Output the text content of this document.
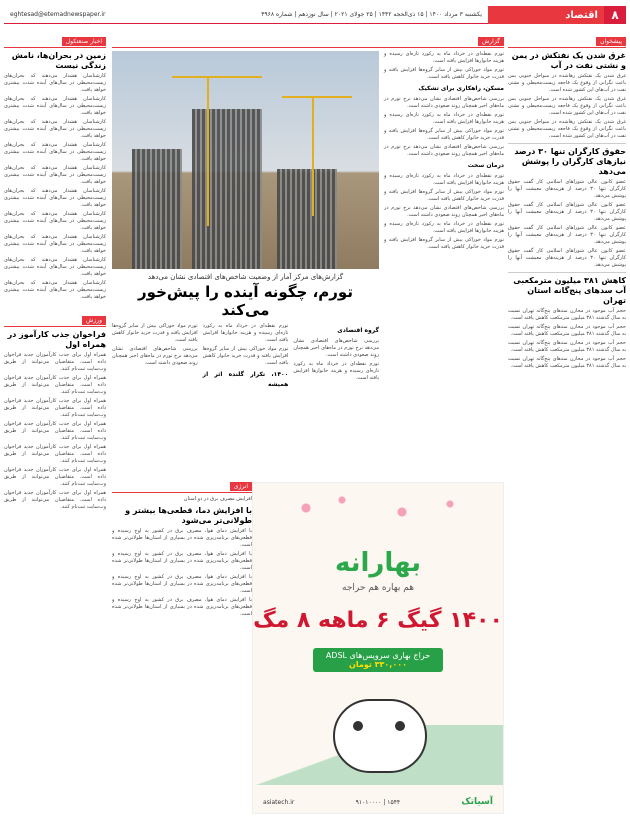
۸
اقتصاد
یکشنبه ۳ مرداد ۱۴۰۰ | ۱۵ ذی‌الحجه ۱۴۴۲ | ۲۵ جولای ۲۰۲۱ | سال نوزدهم | شماره ۴۹۶۸
eghtesad@etemadnewspaper.ir
پیشخوان
غرق شدن یک نفتکش در یمن و نشتی نفت در آب

غرق شدن یک نفتکش رهاشده در سواحل جنوبی یمن باعث نگرانی از وقوع یک فاجعه زیست‌محیطی و نشتی نفت در آب‌های این کشور شده است.

غرق شدن یک نفتکش رهاشده در سواحل جنوبی یمن باعث نگرانی از وقوع یک فاجعه زیست‌محیطی و نشتی نفت در آب‌های این کشور شده است.

غرق شدن یک نفتکش رهاشده در سواحل جنوبی یمن باعث نگرانی از وقوع یک فاجعه زیست‌محیطی و نشتی نفت در آب‌های این کشور شده است.

حقوق کارگران تنها ۳۰ درصد نیازهای کارگران را پوشش می‌دهد

عضو کانون عالی شوراهای اسلامی کار گفت حقوق کارگران تنها ۳۰ درصد از هزینه‌های معیشت آنها را پوشش می‌دهد.

عضو کانون عالی شوراهای اسلامی کار گفت حقوق کارگران تنها ۳۰ درصد از هزینه‌های معیشت آنها را پوشش می‌دهد.

عضو کانون عالی شوراهای اسلامی کار گفت حقوق کارگران تنها ۳۰ درصد از هزینه‌های معیشت آنها را پوشش می‌دهد.

عضو کانون عالی شوراهای اسلامی کار گفت حقوق کارگران تنها ۳۰ درصد از هزینه‌های معیشت آنها را پوشش می‌دهد.

کاهش ۳۸۱ میلیون مترمکعبی آب سدهای پنج‌گانه استان تهران

حجم آب موجود در مخازن سدهای پنج‌گانه تهران نسبت به سال گذشته ۳۸۱ میلیون مترمکعب کاهش یافته است.

حجم آب موجود در مخازن سدهای پنج‌گانه تهران نسبت به سال گذشته ۳۸۱ میلیون مترمکعب کاهش یافته است.

حجم آب موجود در مخازن سدهای پنج‌گانه تهران نسبت به سال گذشته ۳۸۱ میلیون مترمکعب کاهش یافته است.

حجم آب موجود در مخازن سدهای پنج‌گانه تهران نسبت به سال گذشته ۳۸۱ میلیون مترمکعب کاهش یافته است.

گزارش

تورم نقطه‌ای در خرداد ماه به رکورد تازه‌ای رسیده و هزینه خانوارها افزایش یافته است.

تورم مواد خوراکی بیش از سایر گروه‌ها افزایش یافته و قدرت خرید خانوار کاهش یافته است.

مسکن، راهکاری برای تشکیک

بررسی شاخص‌های اقتصادی نشان می‌دهد نرخ تورم در ماه‌های اخیر همچنان روند صعودی داشته است.

تورم نقطه‌ای در خرداد ماه به رکورد تازه‌ای رسیده و هزینه خانوارها افزایش یافته است.

تورم مواد خوراکی بیش از سایر گروه‌ها افزایش یافته و قدرت خرید خانوار کاهش یافته است.

بررسی شاخص‌های اقتصادی نشان می‌دهد نرخ تورم در ماه‌های اخیر همچنان روند صعودی داشته است.

درمان سخت

تورم نقطه‌ای در خرداد ماه به رکورد تازه‌ای رسیده و هزینه خانوارها افزایش یافته است.

تورم مواد خوراکی بیش از سایر گروه‌ها افزایش یافته و قدرت خرید خانوار کاهش یافته است.

بررسی شاخص‌های اقتصادی نشان می‌دهد نرخ تورم در ماه‌های اخیر همچنان روند صعودی داشته است.

تورم نقطه‌ای در خرداد ماه به رکورد تازه‌ای رسیده و هزینه خانوارها افزایش یافته است.

تورم مواد خوراکی بیش از سایر گروه‌ها افزایش یافته و قدرت خرید خانوار کاهش یافته است.

گزارش‌های مرکز آمار از وضعیت شاخص‌های اقتصادی نشان می‌دهد
تورم، چگونه آینده را پیش‌خور می‌کند
گروه اقتصادی

بررسی شاخص‌های اقتصادی نشان می‌دهد نرخ تورم در ماه‌های اخیر همچنان روند صعودی داشته است.

تورم نقطه‌ای در خرداد ماه به رکورد تازه‌ای رسیده و هزینه خانوارها افزایش یافته است.

تورم نقطه‌ای در خرداد ماه به رکورد تازه‌ای رسیده و هزینه خانوارها افزایش یافته است.

تورم مواد خوراکی بیش از سایر گروه‌ها افزایش یافته و قدرت خرید خانوار کاهش یافته است.

۱۴۰۰، تکرار گلنده اثر از همیشه

تورم مواد خوراکی بیش از سایر گروه‌ها افزایش یافته و قدرت خرید خانوار کاهش یافته است.

بررسی شاخص‌های اقتصادی نشان می‌دهد نرخ تورم در ماه‌های اخیر همچنان روند صعودی داشته است.

انرژی
افزایش مصرف برق در دو استان
با افزایش دما، قطعی‌ها بیشتر و طولانی‌تر می‌شود

با افزایش دمای هوا، مصرف برق در کشور به اوج رسیده و قطعی‌های برنامه‌ریزی شده در بسیاری از استان‌ها طولانی‌تر شده است.

با افزایش دمای هوا، مصرف برق در کشور به اوج رسیده و قطعی‌های برنامه‌ریزی شده در بسیاری از استان‌ها طولانی‌تر شده است.

با افزایش دمای هوا، مصرف برق در کشور به اوج رسیده و قطعی‌های برنامه‌ریزی شده در بسیاری از استان‌ها طولانی‌تر شده است.

با افزایش دمای هوا، مصرف برق در کشور به اوج رسیده و قطعی‌های برنامه‌ریزی شده در بسیاری از استان‌ها طولانی‌تر شده است.

بهارانه
هم بهاره هم حراجه
۱۴۰۰ گیگ ۶ ماهه ۸ مگ
حراج بهاری سرویس‌های ADSL ۳۳۰,۰۰۰ تومان
آسیاتک
۱۵۴۴ | ۹۱۰۱۰۰۰۰
asiatech.ir
اخبار صنعتکول
زمین در بحران‌ها، نامش زندگی نیست

کارشناسان هشدار می‌دهند که بحران‌های زیست‌محیطی در سال‌های آینده شدت بیشتری خواهد یافت.

کارشناسان هشدار می‌دهند که بحران‌های زیست‌محیطی در سال‌های آینده شدت بیشتری خواهد یافت.

کارشناسان هشدار می‌دهند که بحران‌های زیست‌محیطی در سال‌های آینده شدت بیشتری خواهد یافت.

کارشناسان هشدار می‌دهند که بحران‌های زیست‌محیطی در سال‌های آینده شدت بیشتری خواهد یافت.

کارشناسان هشدار می‌دهند که بحران‌های زیست‌محیطی در سال‌های آینده شدت بیشتری خواهد یافت.

کارشناسان هشدار می‌دهند که بحران‌های زیست‌محیطی در سال‌های آینده شدت بیشتری خواهد یافت.

کارشناسان هشدار می‌دهند که بحران‌های زیست‌محیطی در سال‌های آینده شدت بیشتری خواهد یافت.

کارشناسان هشدار می‌دهند که بحران‌های زیست‌محیطی در سال‌های آینده شدت بیشتری خواهد یافت.

کارشناسان هشدار می‌دهند که بحران‌های زیست‌محیطی در سال‌های آینده شدت بیشتری خواهد یافت.

کارشناسان هشدار می‌دهند که بحران‌های زیست‌محیطی در سال‌های آینده شدت بیشتری خواهد یافت.

ورزش
فراخوان جذب کارآموز در همراه اول

همراه اول برای جذب کارآموزان جدید فراخوان داده است. متقاضیان می‌توانند از طریق وب‌سایت ثبت‌نام کنند.

همراه اول برای جذب کارآموزان جدید فراخوان داده است. متقاضیان می‌توانند از طریق وب‌سایت ثبت‌نام کنند.

همراه اول برای جذب کارآموزان جدید فراخوان داده است. متقاضیان می‌توانند از طریق وب‌سایت ثبت‌نام کنند.

همراه اول برای جذب کارآموزان جدید فراخوان داده است. متقاضیان می‌توانند از طریق وب‌سایت ثبت‌نام کنند.

همراه اول برای جذب کارآموزان جدید فراخوان داده است. متقاضیان می‌توانند از طریق وب‌سایت ثبت‌نام کنند.

همراه اول برای جذب کارآموزان جدید فراخوان داده است. متقاضیان می‌توانند از طریق وب‌سایت ثبت‌نام کنند.

همراه اول برای جذب کارآموزان جدید فراخوان داده است. متقاضیان می‌توانند از طریق وب‌سایت ثبت‌نام کنند.
